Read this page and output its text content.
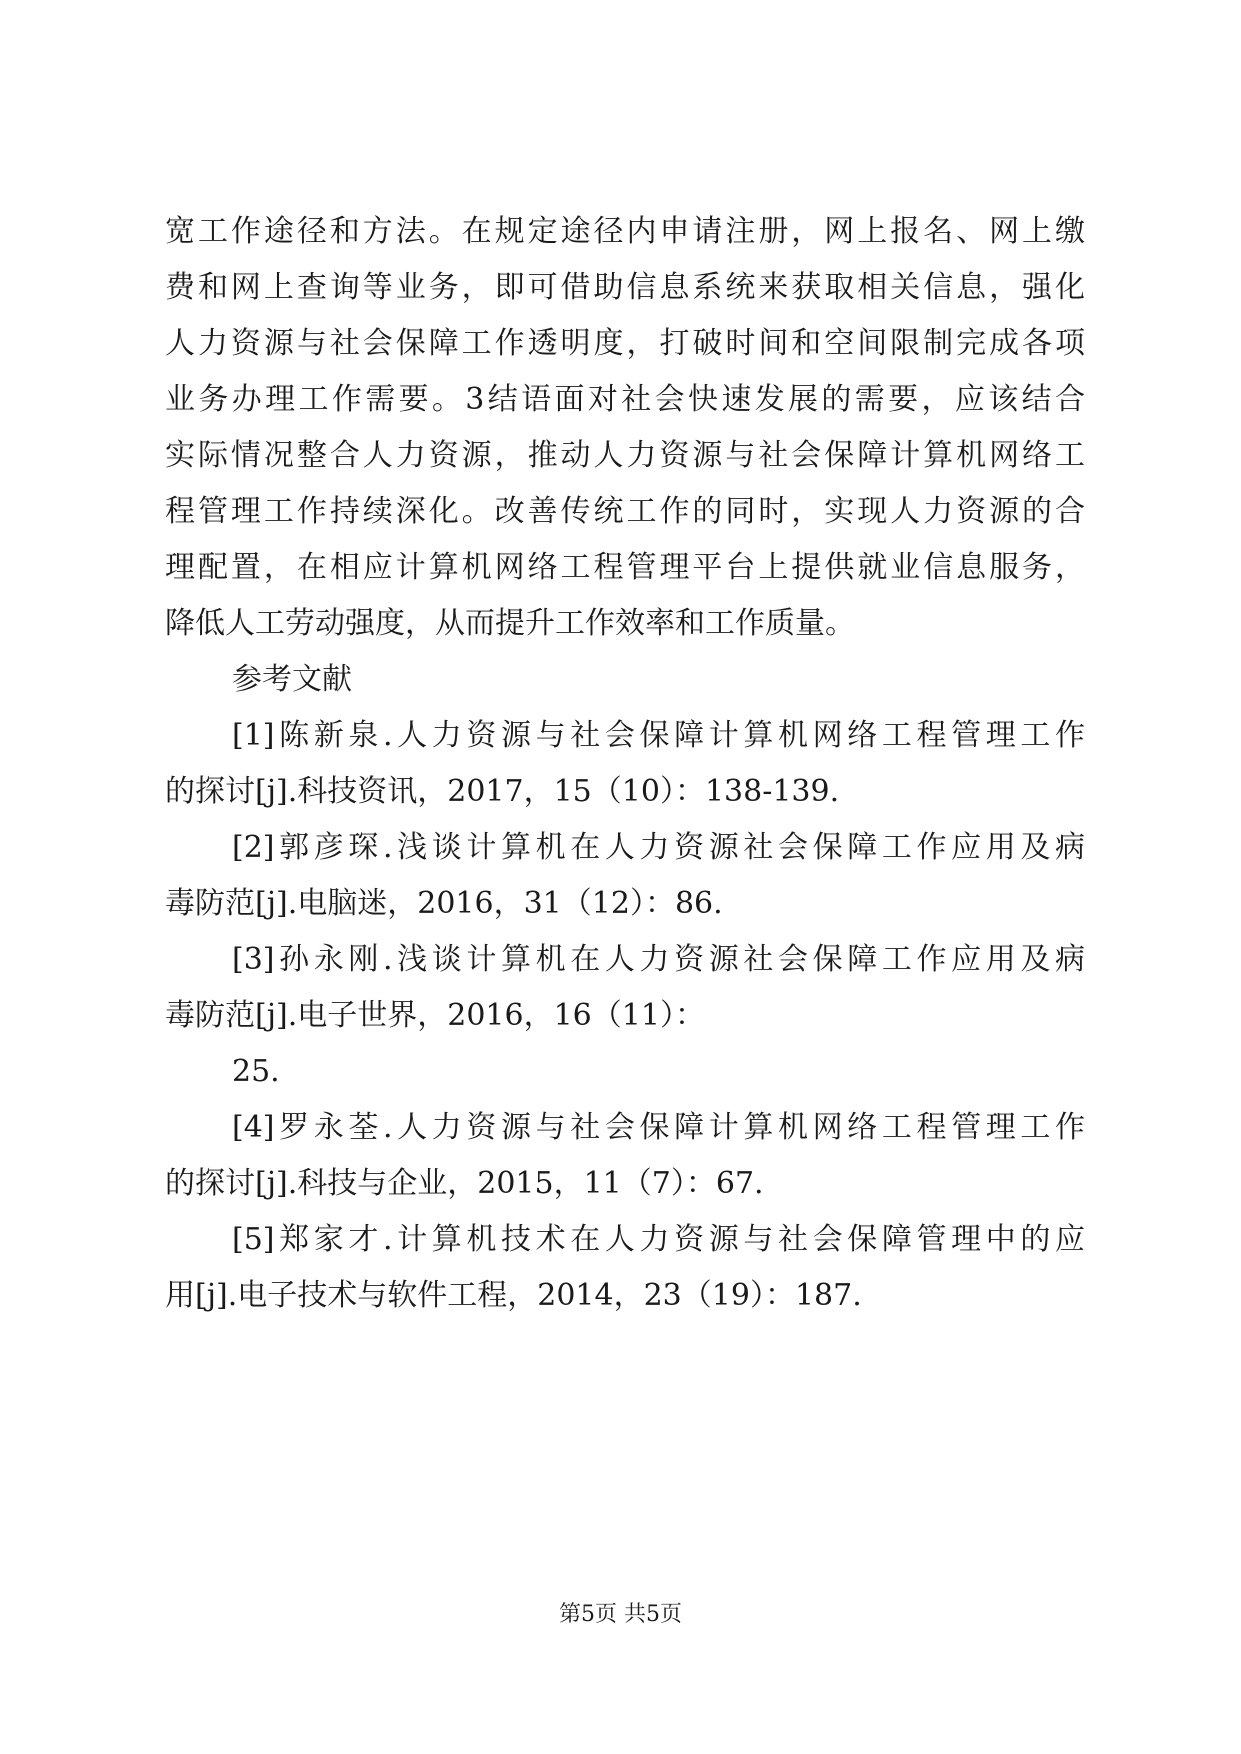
宽工作途径和方法。在规定途径内申请注册，网上报名、网上缴
费和网上查询等业务，即可借助信息系统来获取相关信息，强化
人力资源与社会保障工作透明度，打破时间和空间限制完成各项
业务办理工作需要。3结语面对社会快速发展的需要，应该结合
实际情况整合人力资源，推动人力资源与社会保障计算机网络工
程管理工作持续深化。改善传统工作的同时，实现人力资源的合
理配置，在相应计算机网络工程管理平台上提供就业信息服务，
降低人工劳动强度，从而提升工作效率和工作质量。
参考文献
[1]陈新泉.人力资源与社会保障计算机网络工程管理工作
的探讨[j].科技资讯，2017，15（10）：138-139.
[2]郭彦琛.浅谈计算机在人力资源社会保障工作应用及病
毒防范[j].电脑迷，2016，31（12）：86.
[3]孙永刚.浅谈计算机在人力资源社会保障工作应用及病
毒防范[j].电子世界，2016，16（11）：
25.
[4]罗永荃.人力资源与社会保障计算机网络工程管理工作
的探讨[j].科技与企业，2015，11（7）：67.
[5]郑家才.计算机技术在人力资源与社会保障管理中的应
用[j].电子技术与软件工程，2014，23（19）：187.
第5页 共5页
